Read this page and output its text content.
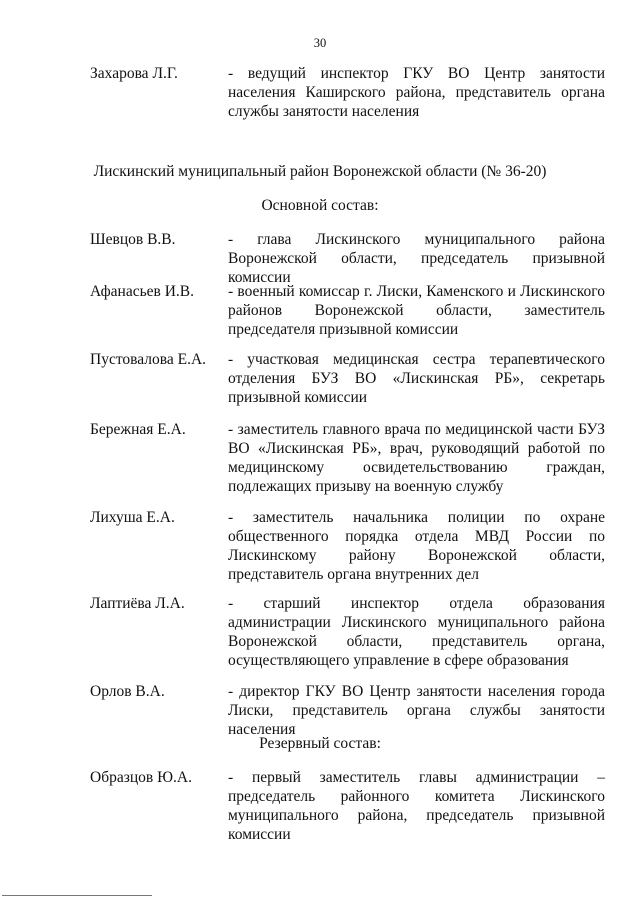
30
Захарова Л.Г.	- ведущий инспектор ГКУ ВО Центр занятости населения Каширского района, представитель органа службы занятости населения
Лискинский муниципальный район Воронежской области (№ 36-20)
Основной состав:
Шевцов В.В.	- глава Лискинского муниципального района Воронежской области, председатель призывной комиссии
Афанасьев И.В. - военный комиссар г. Лиски, Каменского и Лискинского районов Воронежской области, заместитель председателя призывной комиссии
Пустовалова Е.А. - участковая медицинская сестра терапевтического отделения БУЗ ВО «Лискинская РБ», секретарь призывной комиссии
Бережная Е.А.	- заместитель главного врача по медицинской части БУЗ ВО «Лискинская РБ», врач, руководящий работой по медицинскому освидетельствованию граждан, подлежащих призыву на военную службу
Лихуша Е.А.	- заместитель начальника полиции по охране общественного порядка отдела МВД России по Лискинскому району Воронежской области, представитель органа внутренних дел
Лаптиёва Л.А.	- старший инспектор отдела образования администрации Лискинского муниципального района Воронежской области, представитель органа, осуществляющего управление в сфере образования
Орлов В.А.	- директор ГКУ ВО Центр занятости населения города Лиски, представитель органа службы занятости населения
Резервный состав:
Образцов Ю.А. - первый заместитель главы администрации – председатель районного комитета Лискинского муниципального района, председатель призывной комиссии
